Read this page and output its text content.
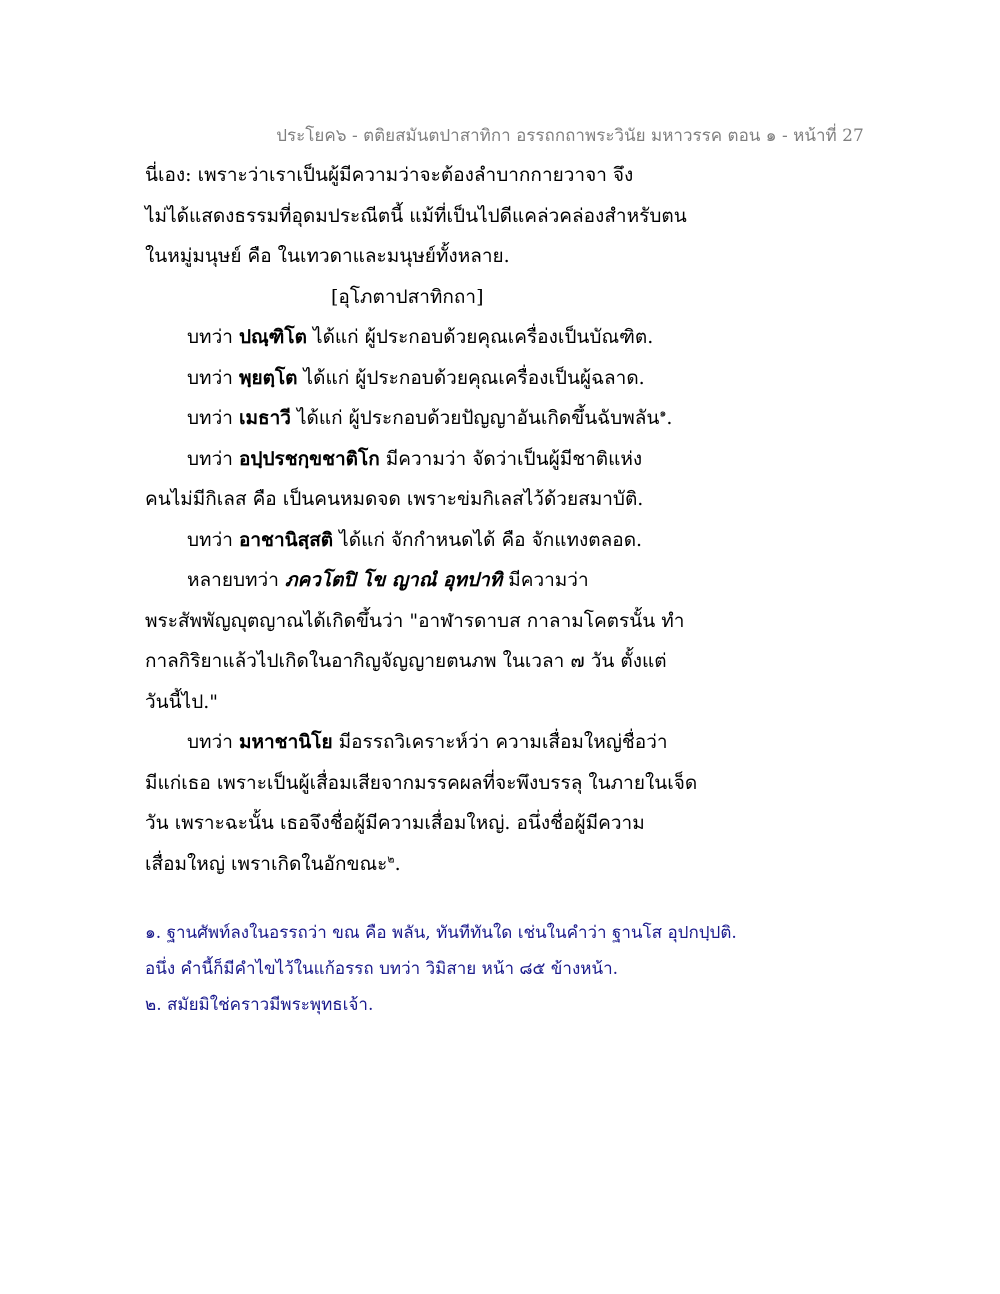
ประโยค๖ - ตติยสมันตปาสาทิกา อรรถกถาพระวินัย มหาวรรค ตอน ๑ - หน้าที่ 27
นี่เอง: เพราะว่าเราเป็นผู้มีความว่าจะต้องลำบากกายวาจา จึง
ไม่ได้แสดงธรรมที่อุดมประณีตนี้ แม้ที่เป็นไปดีแคล่วคล่องสำหรับตน
ในหมู่มนุษย์ คือ ในเทวดาและมนุษย์ทั้งหลาย.
[อุโภตาปสาทิกถา]
บทว่า ปณฺฑิโต ได้แก่ ผู้ประกอบด้วยคุณเครื่องเป็นบัณฑิต.
บทว่า พฺยตฺโต ได้แก่ ผู้ประกอบด้วยคุณเครื่องเป็นผู้ฉลาด.
บทว่า เมธาวี ได้แก่ ผู้ประกอบด้วยปัญญาอันเกิดขึ้นฉับพลัน$^๑$.
บทว่า อปฺปรชกฺขชาติโก มีความว่า จัดว่าเป็นผู้มีชาติแห่ง
คนไม่มีกิเลส คือ เป็นคนหมดจด เพราะข่มกิเลสไว้ด้วยสมาบัติ.
บทว่า อาชานิสฺสติ ได้แก่ จักกำหนดได้ คือ จักแทงตลอด.
หลายบทว่า ภควโตปิ โข ญาณํ อุทปาทิ มีความว่า
พระสัพพัญญุตญาณได้เกิดขึ้นว่า "อาฬารดาบส กาลามโคตรนั้น ทำ
กาลกิริยาแล้วไปเกิดในอากิญจัญญายตนภพ ในเวลา ๗ วัน ตั้งแต่
วันนี้ไป."
บทว่า มหาชานิโย มีอรรถวิเคราะห์ว่า ความเสื่อมใหญ่ชื่อว่า
มีแก่เธอ เพราะเป็นผู้เสื่อมเสียจากมรรคผลที่จะพึงบรรลุ ในภายในเจ็ด
วัน เพราะฉะนั้น เธอจึงชื่อผู้มีความเสื่อมใหญ่. อนึ่งชื่อผู้มีความ
เสื่อมใหญ่ เพราเกิดในอักขณะ$^๒$.
๑. ฐานศัพท์ลงในอรรถว่า ขณ คือ พลัน, ทันทีทันใด เช่นในคำว่า ฐานโส อุปกปฺปติ.
อนึ่ง คำนี้ก็มีคำไขไว้ในแก้อรรถ บทว่า วิมิสาย หน้า ๘๕ ข้างหน้า.
๒. สมัยมิใช่คราวมีพระพุทธเจ้า.
